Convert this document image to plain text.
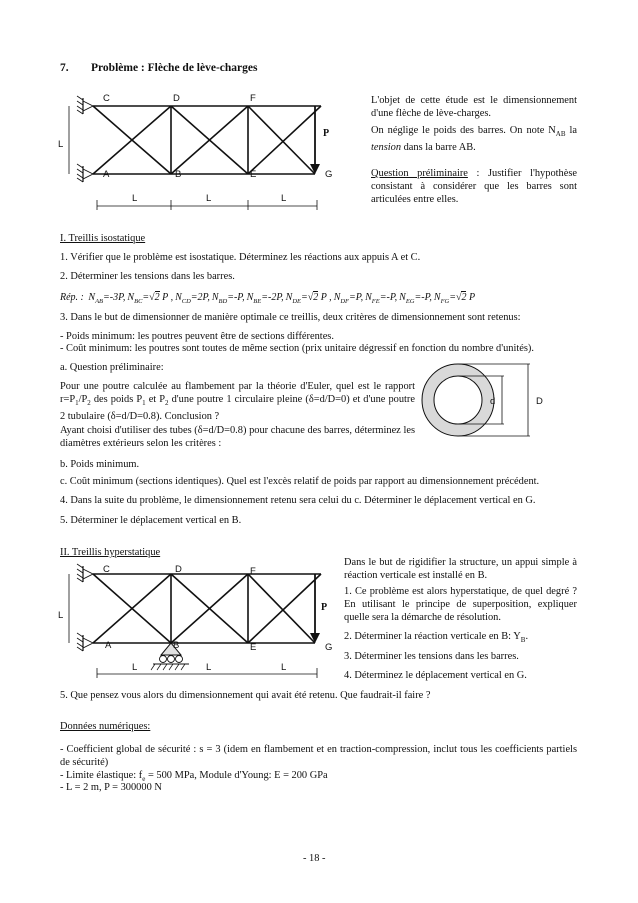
7. Problème : Flèche de lève-charges
C	D	F
A	B	E	G
P
L
L	L	L
L'objet de cette étude est le dimensionnement d'une flèche de lève-charges.
On néglige le poids des barres. On note $N_{AB}$ la tension dans la barre AB.
Question préliminaire : Justifier l'hypothèse consistant à considérer que les barres sont articulées entre elles.
I. Treillis isostatique
1. Vérifier que le problème est isostatique. Déterminez les réactions aux appuis A et C.
2. Déterminer les tensions dans les barres.
Rép. : $N_{AB}=-3P$, $N_{BC}=√2$ P , $N_{CD}=2P$, $N_{BD}=-P$, $N_{BE}=-2P$, $N_{DE}=√2$ P , $N_{DF}=P$, $N_{FE}=-P$, $N_{EG}=-P$, $N_{FG}=√2$ P
3. Dans le but de dimensionner de manière optimale ce treillis, deux critères de dimensionnement sont retenus:
- Poids minimum: les poutres peuvent être de sections différentes.
- Coût minimum: les poutres sont toutes de même section (prix unitaire dégressif en fonction du nombre d'unités).
a. Question préliminaire:
Pour une poutre calculée au flambement par la théorie d'Euler, quel est le rapport $r=P_1/P_2$ des poids $P_1$ et $P_2$ d'une poutre 1 circulaire pleine (δ=d/D=0) et d'une poutre 2 tubulaire (δ=d/D=0.8). Conclusion ?
Ayant choisi d'utiliser des tubes (δ=d/D=0.8) pour chacune des barres, déterminez les diamètres extérieurs selon les critères :
d	D
b. Poids minimum.
c. Coût minimum (sections identiques). Quel est l'excès relatif de poids par rapport au dimensionnement précédent.
4. Dans la suite du problème, le dimensionnement retenu sera celui du c. Déterminer le déplacement vertical en G.
5. Déterminer le déplacement vertical en B.
II. Treillis hyperstatique
C	D	F
A	B	E	G
P
L
L	L	L
Dans le but de rigidifier la structure, un appui simple à réaction verticale est installé en B.
1. Ce problème est alors hyperstatique, de quel degré ? En utilisant le principe de superposition, expliquer quelle sera la démarche de résolution.
2. Déterminer la réaction verticale en B: $Y_B$.
3. Déterminer les tensions dans les barres.
4. Déterminez le déplacement vertical en G.
5. Que pensez vous alors du dimensionnement qui avait été retenu. Que faudrait-il faire ?
Données numériques:
- Coefficient global de sécurité : s = 3 (idem en flambement et en traction-compression, inclut tous les coefficients partiels de sécurité)
- Limite élastique: $f_e = 500$ MPa, Module d'Young: E = 200 GPa
- L = 2 m, P = 300000 N
- 18 -
